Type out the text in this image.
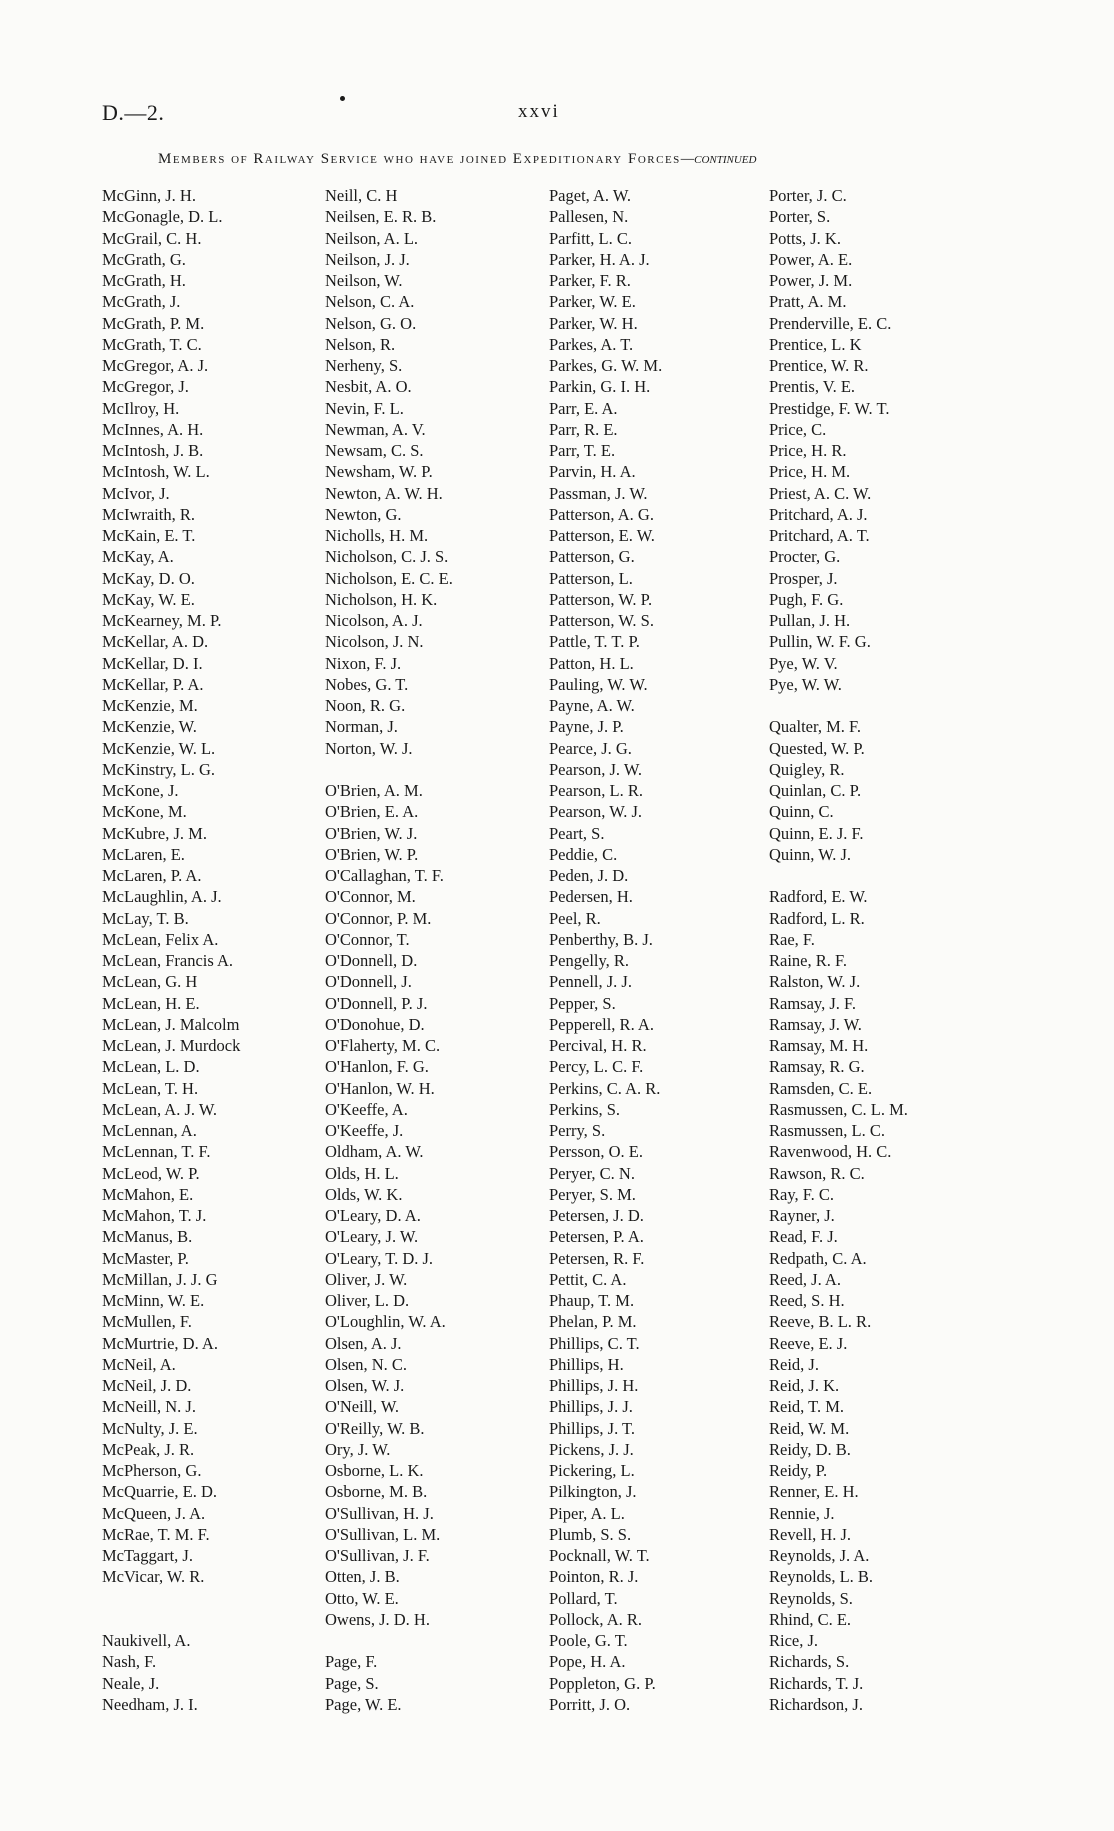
D.—2.	xxvi
Members of Railway Service who have joined Expeditionary Forces—continued
McGinn, J. H.
McGonagle, D. L.
McGrail, C. H.
McGrath, G.
McGrath, H.
McGrath, J.
McGrath, P. M.
McGrath, T. C.
McGregor, A. J.
McGregor, J.
McIlroy, H.
McInnes, A. H.
McIntosh, J. B.
McIntosh, W. L.
McIvor, J.
McIwraith, R.
McKain, E. T.
McKay, A.
McKay, D. O.
McKay, W. E.
McKearney, M. P.
McKellar, A. D.
McKellar, D. I.
McKellar, P. A.
McKenzie, M.
McKenzie, W.
McKenzie, W. L.
McKinstry, L. G.
McKone, J.
McKone, M.
McKubre, J. M.
McLaren, E.
McLaren, P. A.
McLaughlin, A. J.
McLay, T. B.
McLean, Felix A.
McLean, Francis A.
McLean, G. H
McLean, H. E.
McLean, J. Malcolm
McLean, J. Murdock
McLean, L. D.
McLean, T. H.
McLean, A. J. W.
McLennan, A.
McLennan, T. F.
McLeod, W. P.
McMahon, E.
McMahon, T. J.
McManus, B.
McMaster, P.
McMillan, J. J. G
McMinn, W. E.
McMullen, F.
McMurtrie, D. A.
McNeil, A.
McNeil, J. D.
McNeill, N. J.
McNulty, J. E.
McPeak, J. R.
McPherson, G.
McQuarrie, E. D.
McQueen, J. A.
McRae, T. M. F.
McTaggart, J.
McVicar, W. R.
Naukivell, A.
Nash, F.
Neale, J.
Needham, J. I.
Neill, C. H
Neilsen, E. R. B.
Neilson, A. L.
Neilson, J. J.
Neilson, W.
Nelson, C. A.
Nelson, G. O.
Nelson, R.
Nerheny, S.
Nesbit, A. O.
Nevin, F. L.
Newman, A. V.
Newsam, C. S.
Newsham, W. P.
Newton, A. W. H.
Newton, G.
Nicholls, H. M.
Nicholson, C. J. S.
Nicholson, E. C. E.
Nicholson, H. K.
Nicolson, A. J.
Nicolson, J. N.
Nixon, F. J.
Nobes, G. T.
Noon, R. G.
Norman, J.
Norton, W. J.
O'Brien, A. M.
O'Brien, E. A.
O'Brien, W. J.
O'Brien, W. P.
O'Callaghan, T. F.
O'Connor, M.
O'Connor, P. M.
O'Connor, T.
O'Donnell, D.
O'Donnell, J.
O'Donnell, P. J.
O'Donohue, D.
O'Flaherty, M. C.
O'Hanlon, F. G.
O'Hanlon, W. H.
O'Keeffe, A.
O'Keeffe, J.
Oldham, A. W.
Olds, H. L.
Olds, W. K.
O'Leary, D. A.
O'Leary, J. W.
O'Leary, T. D. J.
Oliver, J. W.
Oliver, L. D.
O'Loughlin, W. A.
Olsen, A. J.
Olsen, N. C.
Olsen, W. J.
O'Neill, W.
O'Reilly, W. B.
Ory, J. W.
Osborne, L. K.
Osborne, M. B.
O'Sullivan, H. J.
O'Sullivan, L. M.
O'Sullivan, J. F.
Otten, J. B.
Otto, W. E.
Owens, J. D. H.
Page, F.
Page, S.
Page, W. E.
Paget, A. W.
Pallesen, N.
Parfitt, L. C.
Parker, H. A. J.
Parker, F. R.
Parker, W. E.
Parker, W. H.
Parkes, A. T.
Parkes, G. W. M.
Parkin, G. I. H.
Parr, E. A.
Parr, R. E.
Parr, T. E.
Parvin, H. A.
Passman, J. W.
Patterson, A. G.
Patterson, E. W.
Patterson, G.
Patterson, L.
Patterson, W. P.
Patterson, W. S.
Pattle, T. T. P.
Patton, H. L.
Pauling, W. W.
Payne, A. W.
Payne, J. P.
Pearce, J. G.
Pearson, J. W.
Pearson, L. R.
Pearson, W. J.
Peart, S.
Peddie, C.
Peden, J. D.
Pedersen, H.
Peel, R.
Penberthy, B. J.
Pengelly, R.
Pennell, J. J.
Pepper, S.
Pepperell, R. A.
Percival, H. R.
Percy, L. C. F.
Perkins, C. A. R.
Perkins, S.
Perry, S.
Persson, O. E.
Peryer, C. N.
Peryer, S. M.
Petersen, J. D.
Petersen, P. A.
Petersen, R. F.
Pettit, C. A.
Phaup, T. M.
Phelan, P. M.
Phillips, C. T.
Phillips, H.
Phillips, J. H.
Phillips, J. J.
Phillips, J. T.
Pickens, J. J.
Pickering, L.
Pilkington, J.
Piper, A. L.
Plumb, S. S.
Pocknall, W. T.
Pointon, R. J.
Pollard, T.
Pollock, A. R.
Poole, G. T.
Pope, H. A.
Poppleton, G. P.
Porritt, J. O.
Porter, J. C.
Porter, S.
Potts, J. K.
Power, A. E.
Power, J. M.
Pratt, A. M.
Prenderville, E. C.
Prentice, L. K
Prentice, W. R.
Prentis, V. E.
Prestidge, F. W. T.
Price, C.
Price, H. R.
Price, H. M.
Priest, A. C. W.
Pritchard, A. J.
Pritchard, A. T.
Procter, G.
Prosper, J.
Pugh, F. G.
Pullan, J. H.
Pullin, W. F. G.
Pye, W. V.
Pye, W. W.
Qualter, M. F.
Quested, W. P.
Quigley, R.
Quinlan, C. P.
Quinn, C.
Quinn, E. J. F.
Quinn, W. J.
Radford, E. W.
Radford, L. R.
Rae, F.
Raine, R. F.
Ralston, W. J.
Ramsay, J. F.
Ramsay, J. W.
Ramsay, M. H.
Ramsay, R. G.
Ramsden, C. E.
Rasmussen, C. L. M.
Rasmussen, L. C.
Ravenwood, H. C.
Rawson, R. C.
Ray, F. C.
Rayner, J.
Read, F. J.
Redpath, C. A.
Reed, J. A.
Reed, S. H.
Reeve, B. L. R.
Reeve, E. J.
Reid, J.
Reid, J. K.
Reid, T. M.
Reid, W. M.
Reidy, D. B.
Reidy, P.
Renner, E. H.
Rennie, J.
Revell, H. J.
Reynolds, J. A.
Reynolds, L. B.
Reynolds, S.
Rhind, C. E.
Rice, J.
Richards, S.
Richards, T. J.
Richardson, J.
